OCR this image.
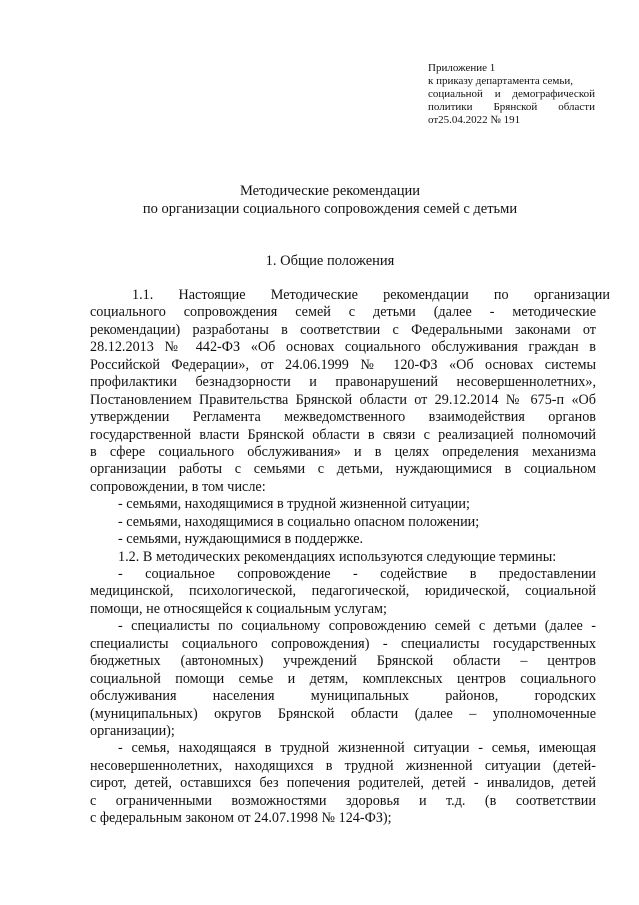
Приложение 1
к приказу департамента семьи,
социальной и демографической
политики Брянской области
от25.04.2022 № 191
Методические рекомендации
по организации социального сопровождения семей с детьми
1. Общие положения
1.1. Настоящие Методические рекомендации по организации
социального сопровождения семей с детьми (далее - методические
рекомендации) разработаны в соответствии с Федеральными законами от
28.12.2013 № 442-ФЗ «Об основах социального обслуживания граждан в
Российской Федерации», от 24.06.1999 № 120-ФЗ «Об основах системы
профилактики безнадзорности и правонарушений несовершеннолетних»,
Постановлением Правительства Брянской области от 29.12.2014 № 675-п «Об
утверждении Регламента межведомственного взаимодействия органов
государственной власти Брянской области в связи с реализацией полномочий
в сфере социального обслуживания» и в целях определения механизма
организации работы с семьями с детьми, нуждающимися в социальном
сопровождении, в том числе:
- семьями, находящимися в трудной жизненной ситуации;
- семьями, находящимися в социально опасном положении;
- семьями, нуждающимися в поддержке.
1.2. В методических рекомендациях используются следующие термины:
- социальное сопровождение - содействие в предоставлении
медицинской, психологической, педагогической, юридической, социальной
помощи, не относящейся к социальным услугам;
- специалисты по социальному сопровождению семей с детьми (далее -
специалисты социального сопровождения) - специалисты государственных
бюджетных (автономных) учреждений Брянской области – центров
социальной помощи семье и детям, комплексных центров социального
обслуживания населения муниципальных районов, городских
(муниципальных) округов Брянской области (далее – уполномоченные
организации);
- семья, находящаяся в трудной жизненной ситуации - семья, имеющая
несовершеннолетних, находящихся в трудной жизненной ситуации (детей-
сирот, детей, оставшихся без попечения родителей, детей - инвалидов, детей
с ограниченными возможностями здоровья и т.д. (в соответствии
с федеральным законом от 24.07.1998 № 124-ФЗ);
